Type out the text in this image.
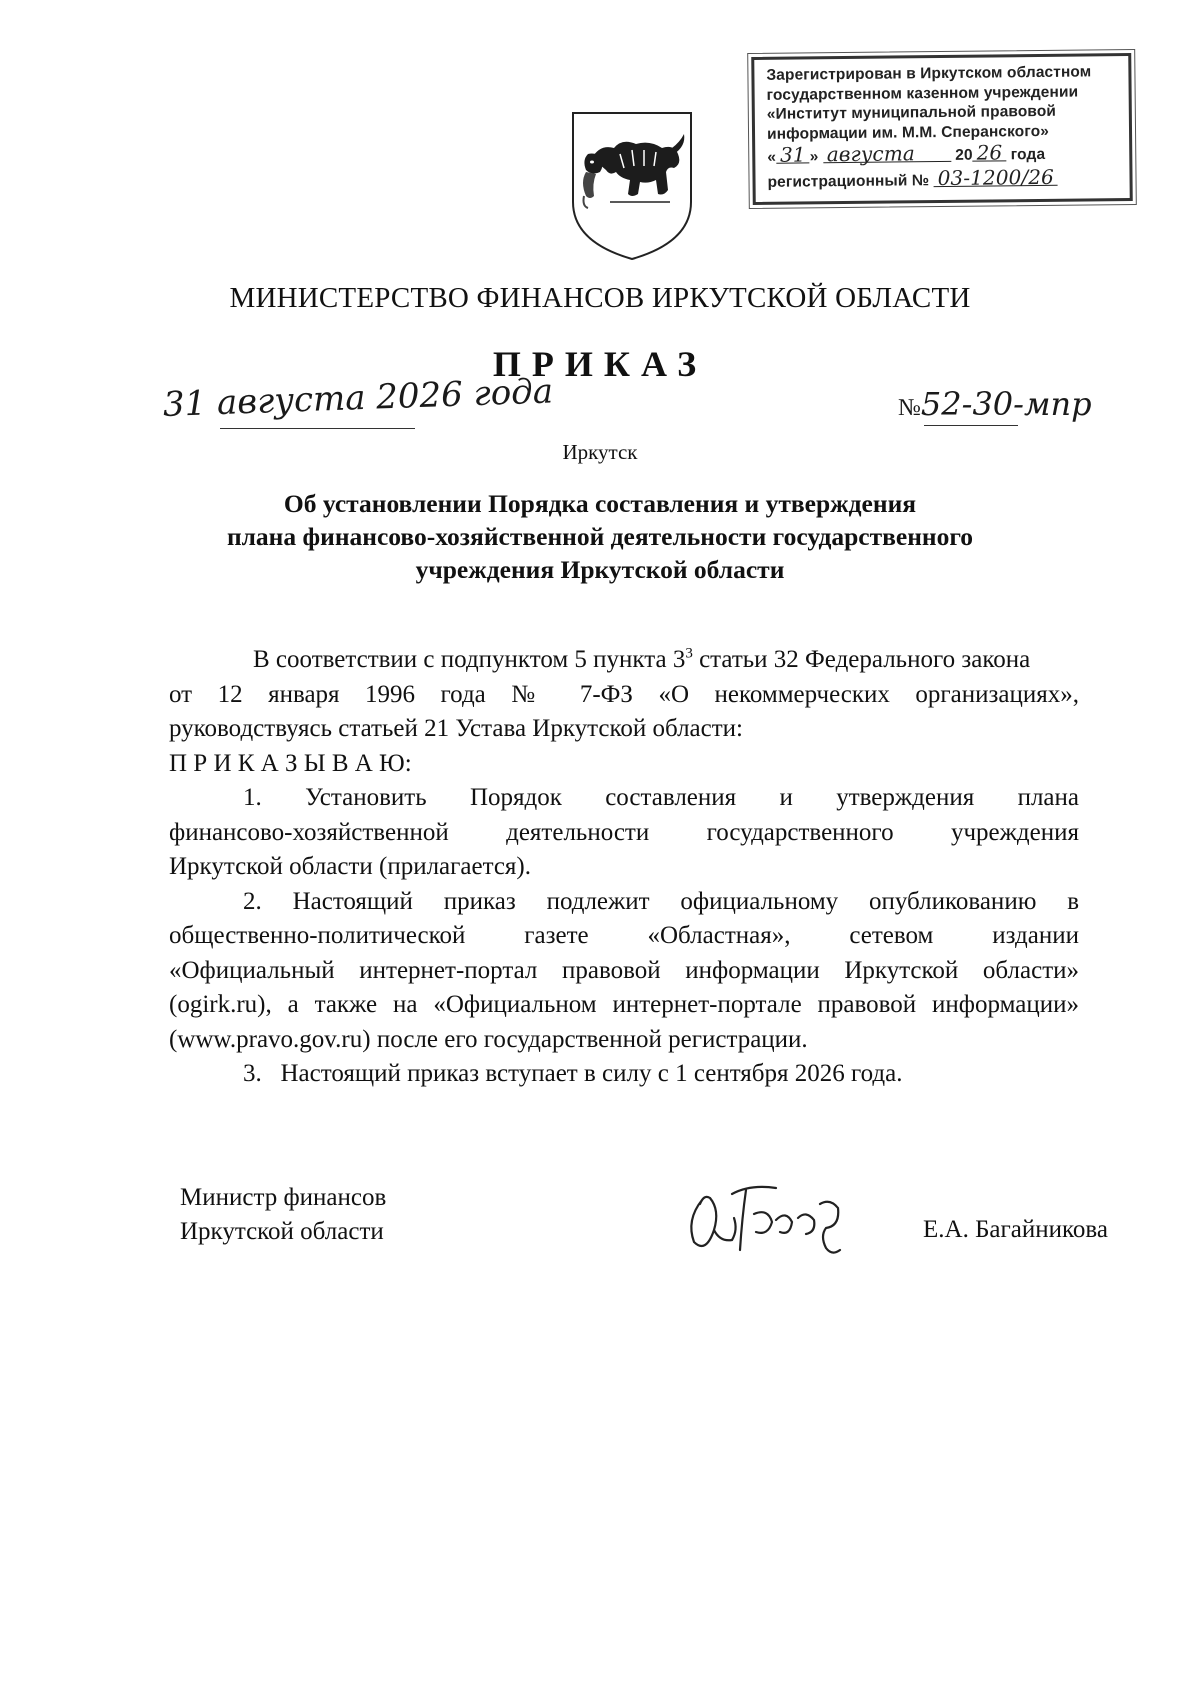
Зарегистрирован в Иркутском областном
государственном казенном учреждении
«Институт муниципальной правовой
информации им. М.М. Сперанского»
« 31 » августа	20 26 года
регистрационный № 03-1200/26
МИНИСТЕРСТВО ФИНАНСОВ ИРКУТСКОЙ ОБЛАСТИ
ПРИКАЗ
31 августа 2026 года	№52-30-мпр
Иркутск
Об установлении Порядка составления и утверждения
плана финансово-хозяйственной деятельности государственного
учреждения Иркутской области

В соответствии с подпунктом 5 пункта $3^3$ статьи 32 Федерального закона

от 12 января 1996 года № 7-ФЗ «О некоммерческих организациях»,

руководствуясь статьей 21 Устава Иркутской области:

П Р И К А З Ы В А Ю:

1. Установить Порядок составления и утверждения плана

финансово-хозяйственной деятельности государственного учреждения

Иркутской области (прилагается).

2. Настоящий приказ подлежит официальному опубликованию в

общественно-политической газете «Областная», сетевом издании

«Официальный интернет-портал правовой информации Иркутской области»

(ogirk.ru), а также на «Официальном интернет-портале правовой информации»

(www.pravo.gov.ru) после его государственной регистрации.

3.   Настоящий приказ вступает в силу с 1 сентября 2026 года.

Министр финансов
Иркутской области	Е.А. Багайникова
